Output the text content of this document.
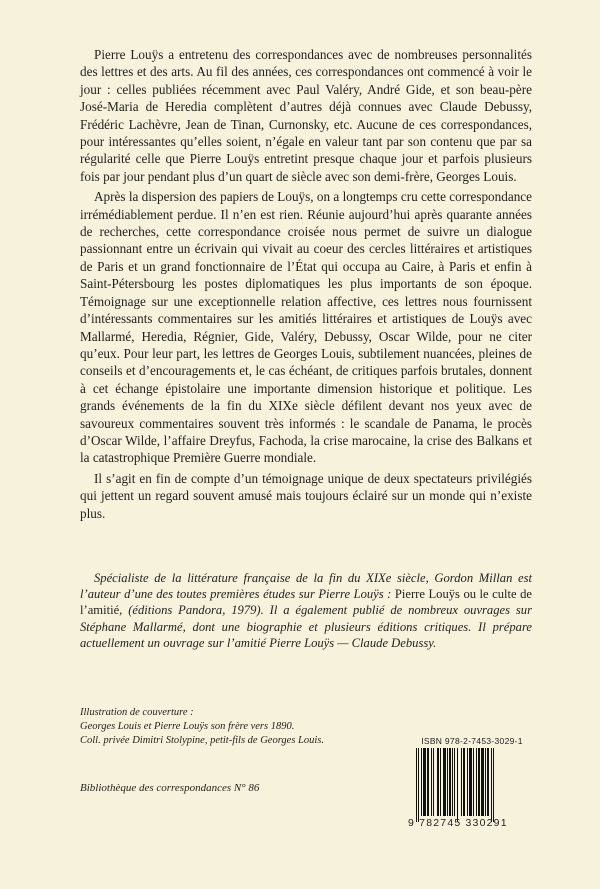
Pierre Louÿs a entretenu des correspondances avec de nombreuses personnalités des lettres et des arts. Au fil des années, ces correspondances ont commencé à voir le jour : celles publiées récemment avec Paul Valéry, André Gide, et son beau-père José-Maria de Heredia complètent d’autres déjà connues avec Claude Debussy, Frédéric Lachèvre, Jean de Tinan, Curnonsky, etc. Aucune de ces correspondances, pour intéressantes qu’elles soient, n’égale en valeur tant par son contenu que par sa régularité celle que Pierre Louÿs entretint presque chaque jour et parfois plusieurs fois par jour pendant plus d’un quart de siècle avec son demi-frère, Georges Louis.

Après la dispersion des papiers de Louÿs, on a longtemps cru cette correspondance irrémédiablement perdue. Il n’en est rien. Réunie aujourd’hui après quarante années de recherches, cette correspondance croisée nous permet de suivre un dialogue passionnant entre un écrivain qui vivait au coeur des cercles littéraires et artistiques de Paris et un grand fonctionnaire de l’État qui occupa au Caire, à Paris et enfin à Saint-Pétersbourg les postes diplomatiques les plus importants de son époque. Témoignage sur une exceptionnelle relation affective, ces lettres nous fournissent d’intéressants commentaires sur les amitiés littéraires et artistiques de Louÿs avec Mallarmé, Heredia, Régnier, Gide, Valéry, Debussy, Oscar Wilde, pour ne citer qu’eux. Pour leur part, les lettres de Georges Louis, subtilement nuancées, pleines de conseils et d’encouragements et, le cas échéant, de critiques parfois brutales, donnent à cet échange épistolaire une importante dimension historique et politique. Les grands événements de la fin du XIXe siècle défilent devant nos yeux avec de savoureux commentaires souvent très informés : le scandale de Panama, le procès d’Oscar Wilde, l’affaire Dreyfus, Fachoda, la crise marocaine, la crise des Balkans et la catastrophique Première Guerre mondiale.

Il s’agit en fin de compte d’un témoignage unique de deux spectateurs privilégiés qui jettent un regard souvent amusé mais toujours éclairé sur un monde qui n’existe plus.

Spécialiste de la littérature française de la fin du XIXe siècle, Gordon Millan est l’auteur d’une des toutes premières études sur Pierre Louÿs : Pierre Louÿs ou le culte de l’amitié, (éditions Pandora, 1979). Il a également publié de nombreux ouvrages sur Stéphane Mallarmé, dont une biographie et plusieurs éditions critiques. Il prépare actuellement un ouvrage sur l’amitié Pierre Louÿs — Claude Debussy.

Illustration de couverture :
Georges Louis et Pierre Louÿs son frère vers 1890.
Coll. privée Dimitri Stolypine, petit-fils de Georges Louis.
Bibliothèque des correspondances N° 86
ISBN 978-2-7453-3029-1
9 782745 330291
